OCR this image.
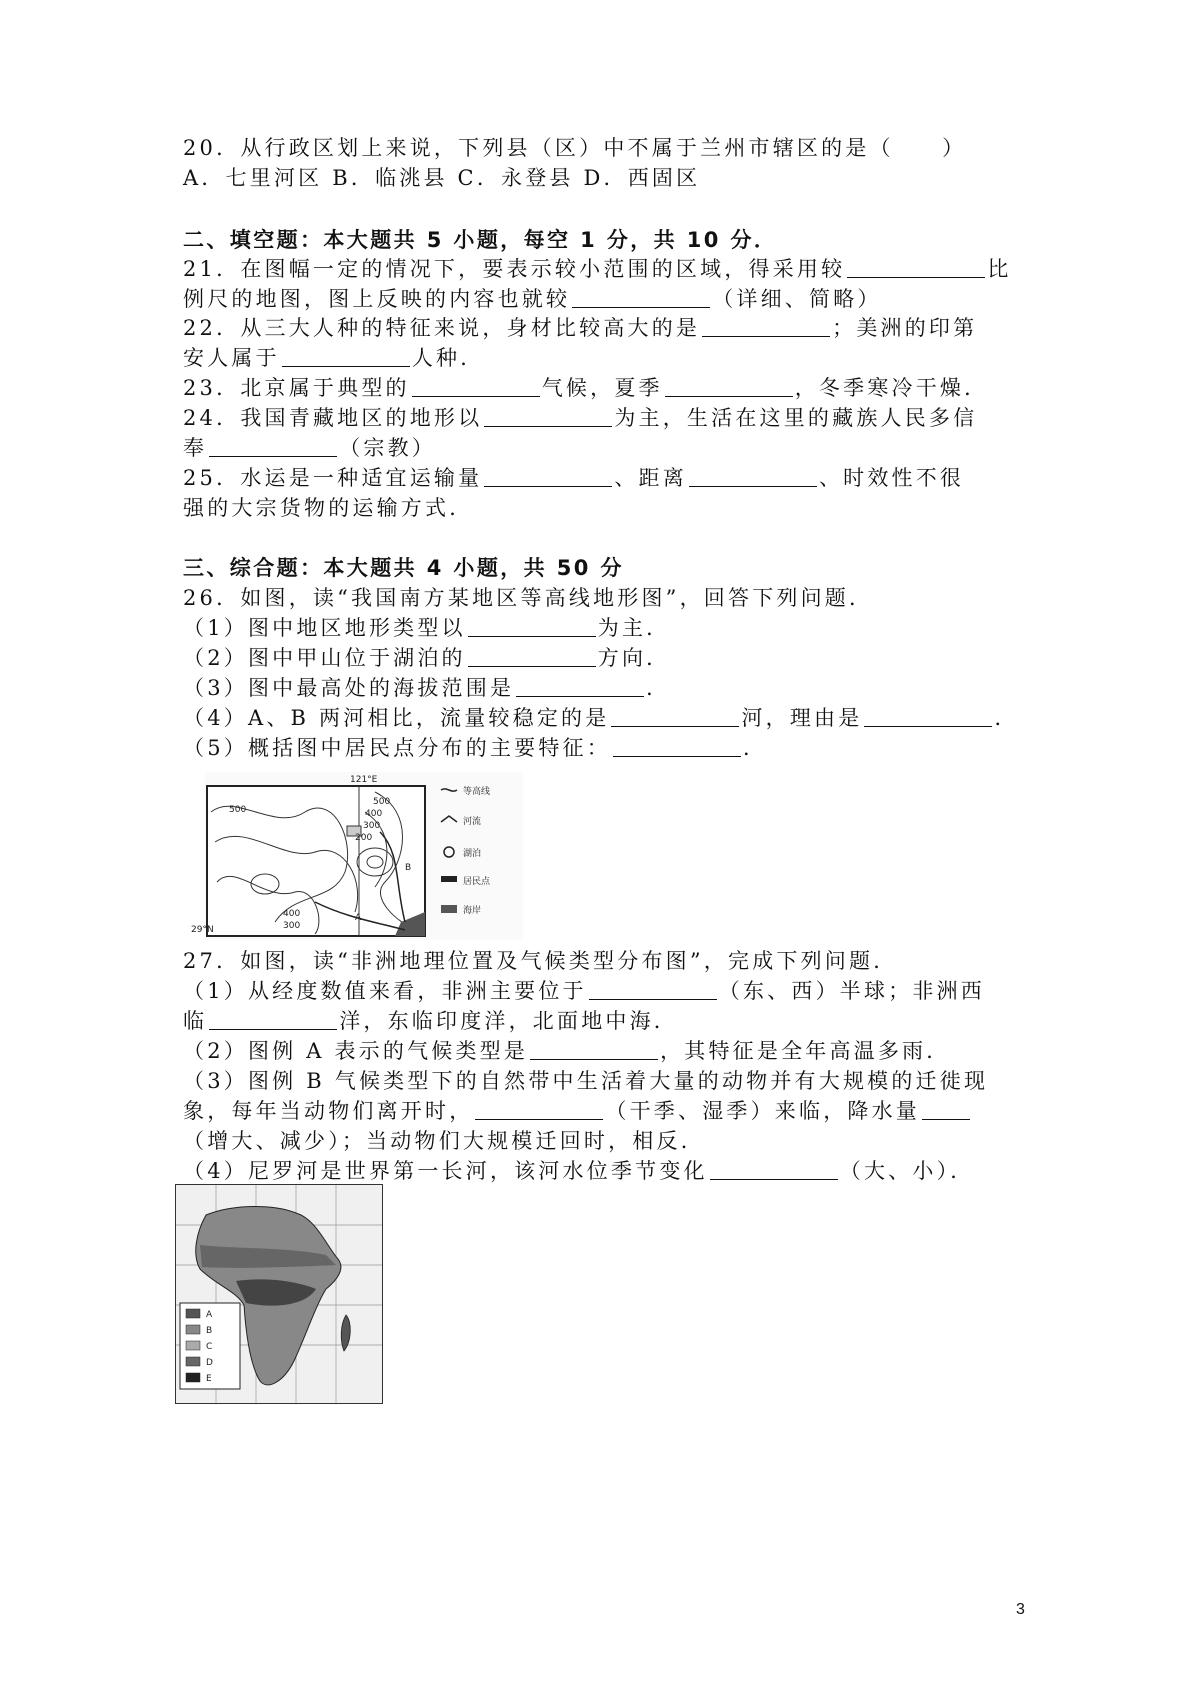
20．从行政区划上来说，下列县（区）中不属于兰州市辖区的是（　　）
A．七里河区 B．临洮县 C．永登县 D．西固区
二、填空题：本大题共 5 小题，每空 1 分，共 10 分．
21．在图幅一定的情况下，要表示较小范围的区域，得采用较	比
例尺的地图，图上反映的内容也就较	（详细、简略）
22．从三大人种的特征来说，身材比较高大的是	；美洲的印第
安人属于	人种．
23．北京属于典型的	气候，夏季	，冬季寒冷干燥．
24．我国青藏地区的地形以	为主，生活在这里的藏族人民多信
奉	（宗教）
25．水运是一种适宜运输量	、距离	、时效性不很
强的大宗货物的运输方式．
三、综合题：本大题共 4 小题，共 50 分
26．如图，读“我国南方某地区等高线地形图”，回答下列问题．
（1）图中地区地形类型以	为主．
（2）图中甲山位于湖泊的	方向．
（3）图中最高处的海拔范围是	．
（4）A、B 两河相比，流量较稳定的是	河，理由是	．
（5）概括图中居民点分布的主要特征：	．
121°E
29°N
500
500
400
300
200
400
300
A
B
等高线
河流
湖泊
居民点
海岸
27．如图，读“非洲地理位置及气候类型分布图”，完成下列问题．
（1）从经度数值来看，非洲主要位于	（东、西）半球；非洲西
临	洋，东临印度洋，北面地中海．
（2）图例 A 表示的气候类型是	，其特征是全年高温多雨．
（3）图例 B 气候类型下的自然带中生活着大量的动物并有大规模的迁徙现
象，每年当动物们离开时，	（干季、湿季）来临，降水量
（增大、减少）；当动物们大规模迁回时，相反．
（4）尼罗河是世界第一长河，该河水位季节变化	（大、小）．
A
B
C
D
E
3
